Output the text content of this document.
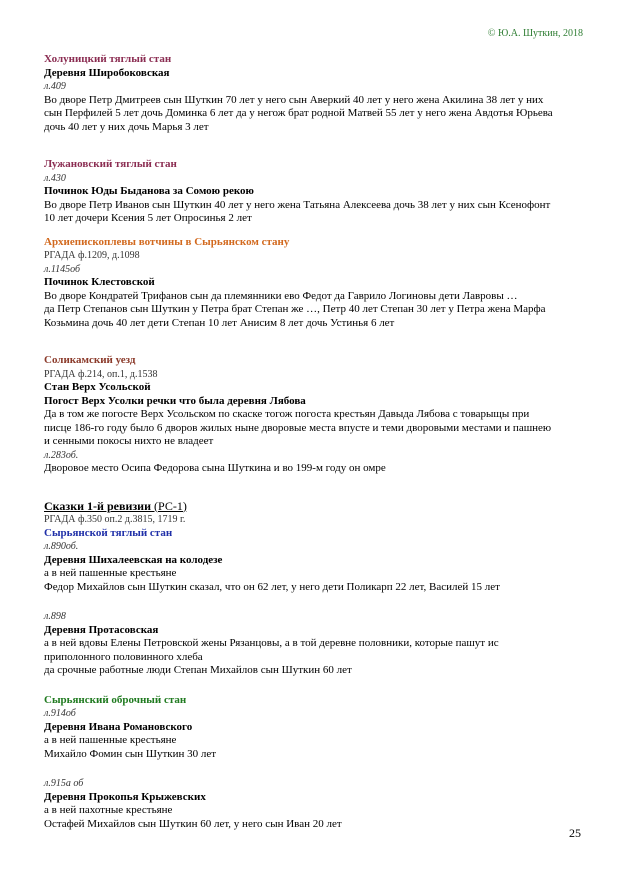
© Ю.А. Шуткин, 2018
Холуницкий тяглый стан
Деревня Широбоковская
л.409
Во дворе Петр Дмитреев сын Шуткин 70 лет у него сын Аверкий 40 лет у него жена Акилина 38 лет у них
сын Перфилей 5 лет дочь Доминка 6 лет да у негож брат родной Матвей 55 лет у него жена Авдотья Юрьева
дочь 40 лет у них дочь Марья 3 лет
Лужановский тяглый стан
л.430
Починок Юды Быданова за Сомою рекою
Во дворе Петр Иванов сын Шуткин 40 лет у него жена Татьяна Алексеева дочь 38 лет у них сын Ксенофонт
10 лет дочери Ксения 5 лет Опросинья 2 лет
Архиепископлевы вотчины в Сырьянском стану
РГАДА ф.1209, д.1098
л.1145об
Починок Клестовской
Во дворе Кондратей Трифанов сын да племянники ево Федот да Гаврило Логиновы дети Лавровы …
да Петр Степанов сын Шуткин у Петра брат Степан же …, Петр 40 лет Степан 30 лет у Петра жена Марфа
Козьмина дочь 40 лет дети Степан 10 лет Анисим 8 лет дочь Устинья 6 лет
Соликамский уезд
РГАДА ф.214, оп.1, д.1538
Стан Верх Усольской
Погост Верх Усолки речки что была деревня Лябова
Да в том же погосте Верх Усольском по скаске тогож погоста крестьян Давыда Лябова с товарыщы при
писце 186-го году было 6 дворов жилых ныне дворовые места впусте и теми дворовыми местами и пашнею
и сенными покосы нихто не владеет
л.283об.
Дворовое место Осипа Федорова сына Шуткина и во 199-м году он омре
Сказки 1-й ревизии (РС-1)
РГАДА ф.350 оп.2 д.3815, 1719 г.
Сырьянской тяглый стан
л.890об.
Деревня Шихалеевская на колодезе
а в ней пашенные крестьяне
Федор Михайлов сын Шуткин сказал, что он 62 лет, у него дети Поликарп 22 лет, Василей 15 лет
л.898
Деревня Протасовская
а в ней вдовы Елены Петровской жены Рязанцовы, а в той деревне половники, которые пашут ис
приполонного половинного хлеба
да срочные работные люди Степан Михайлов сын Шуткин 60 лет
Сырьянский оброчный стан
л.914об
Деревня Ивана Романовского
а в ней пашенные крестьяне
Михайло Фомин сын Шуткин 30 лет
л.915а об
Деревня Прокопья Крыжевских
а в ней пахотные крестьяне
Остафей Михайлов сын Шуткин 60 лет, у него сын Иван 20 лет
25
